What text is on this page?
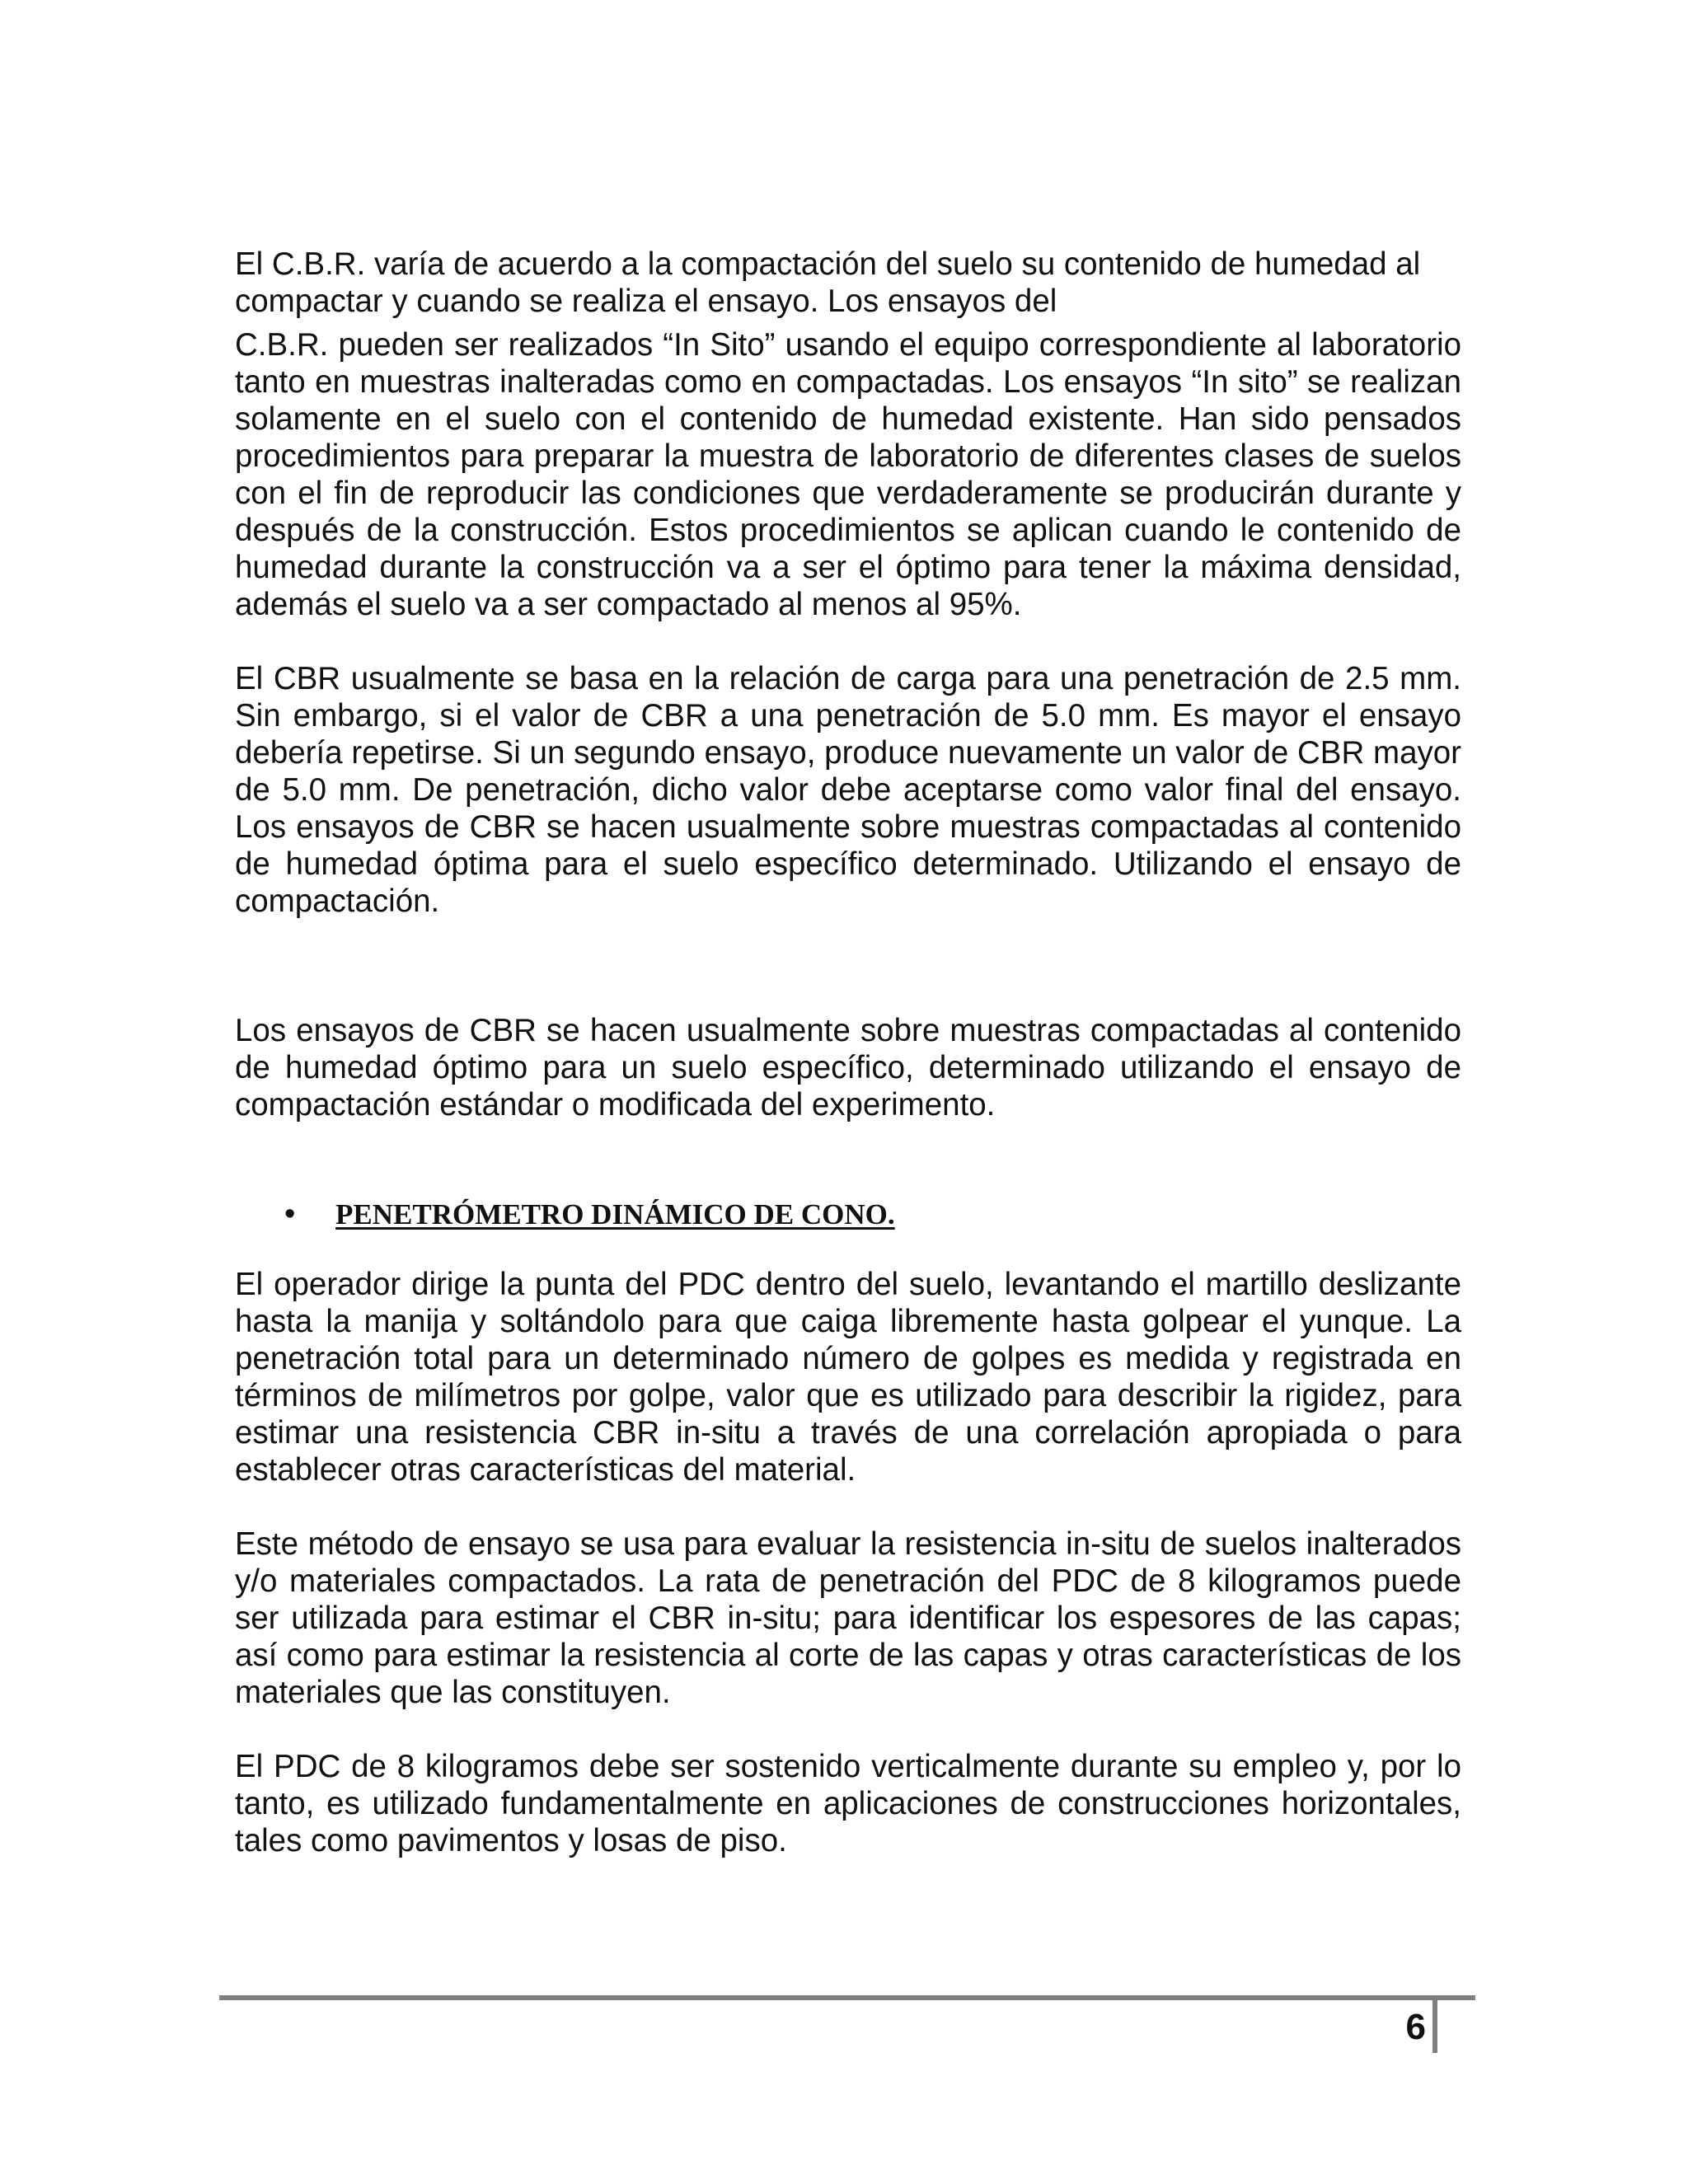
El C.B.R. varía de acuerdo a la compactación del suelo su contenido de humedad al compactar y cuando se realiza el ensayo. Los ensayos del

C.B.R. pueden ser realizados “In Sito” usando el equipo correspondiente al laboratorio tanto en muestras inalteradas como en compactadas. Los ensayos “In sito” se realizan solamente en el suelo con el contenido de humedad existente. Han sido pensados procedimientos para preparar la muestra de laboratorio de diferentes clases de suelos con el fin de reproducir las condiciones que verdaderamente se producirán durante y después de la construcción. Estos procedimientos se aplican cuando le contenido de humedad durante la construcción va a ser el óptimo para tener la máxima densidad, además el suelo va a ser compactado al menos al 95%.

El CBR usualmente se basa en la relación de carga para una penetración de 2.5 mm. Sin embargo, si el valor de CBR a una penetración de 5.0 mm. Es mayor el ensayo debería repetirse. Si un segundo ensayo, produce nuevamente un valor de CBR mayor de 5.0 mm. De penetración, dicho valor debe aceptarse como valor final del ensayo. Los ensayos de CBR se hacen usualmente sobre muestras compactadas al contenido de humedad óptima para el suelo específico determinado. Utilizando el ensayo de compactación.

Los ensayos de CBR se hacen usualmente sobre muestras compactadas al contenido de humedad óptimo para un suelo específico, determinado utilizando el ensayo de compactación estándar o modificada del experimento.

•	PENETRÓMETRO DINÁMICO DE CONO.

El operador dirige la punta del PDC dentro del suelo, levantando el martillo deslizante hasta la manija y soltándolo para que caiga libremente hasta golpear el yunque. La penetración total para un determinado número de golpes es medida y registrada en términos de milímetros por golpe, valor que es utilizado para describir la rigidez, para estimar una resistencia CBR in-situ a través de una correlación apropiada o para establecer otras características del material.

Este método de ensayo se usa para evaluar la resistencia in-situ de suelos inalterados y/o materiales compactados. La rata de penetración del PDC de 8 kilogramos puede ser utilizada para estimar el CBR in-situ; para identificar los espesores de las capas; así como para estimar la resistencia al corte de las capas y otras características de los materiales que las constituyen.

El PDC de 8 kilogramos debe ser sostenido verticalmente durante su empleo y, por lo tanto, es utilizado fundamentalmente en aplicaciones de construcciones horizontales, tales como pavimentos y losas de piso.

6
